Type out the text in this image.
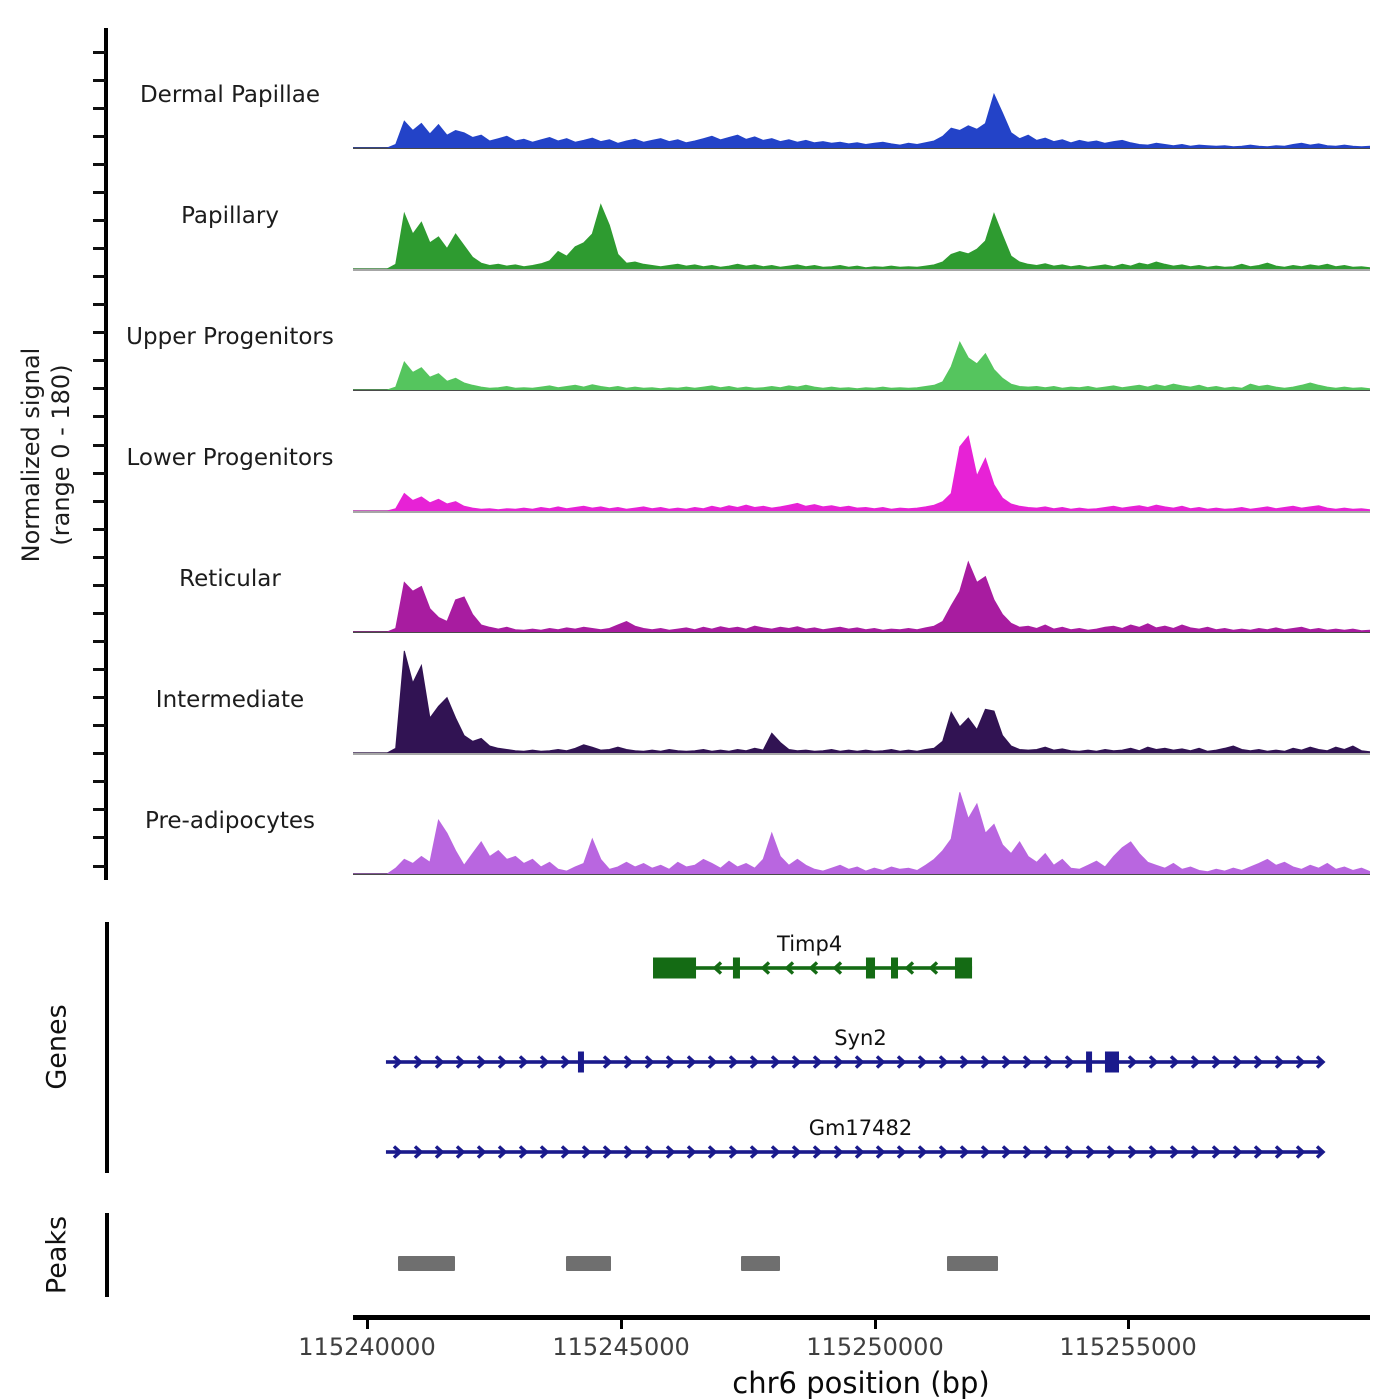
Normalized signal (range 0 - 180)
Genes
Peaks
chr6 position (bp)
Dermal Papillae
Papillary
Upper Progenitors
Lower Progenitors
Reticular
Intermediate
Pre-adipocytes
Timp4
Syn2
Gm17482
115240000	115245000	115250000	115255000
